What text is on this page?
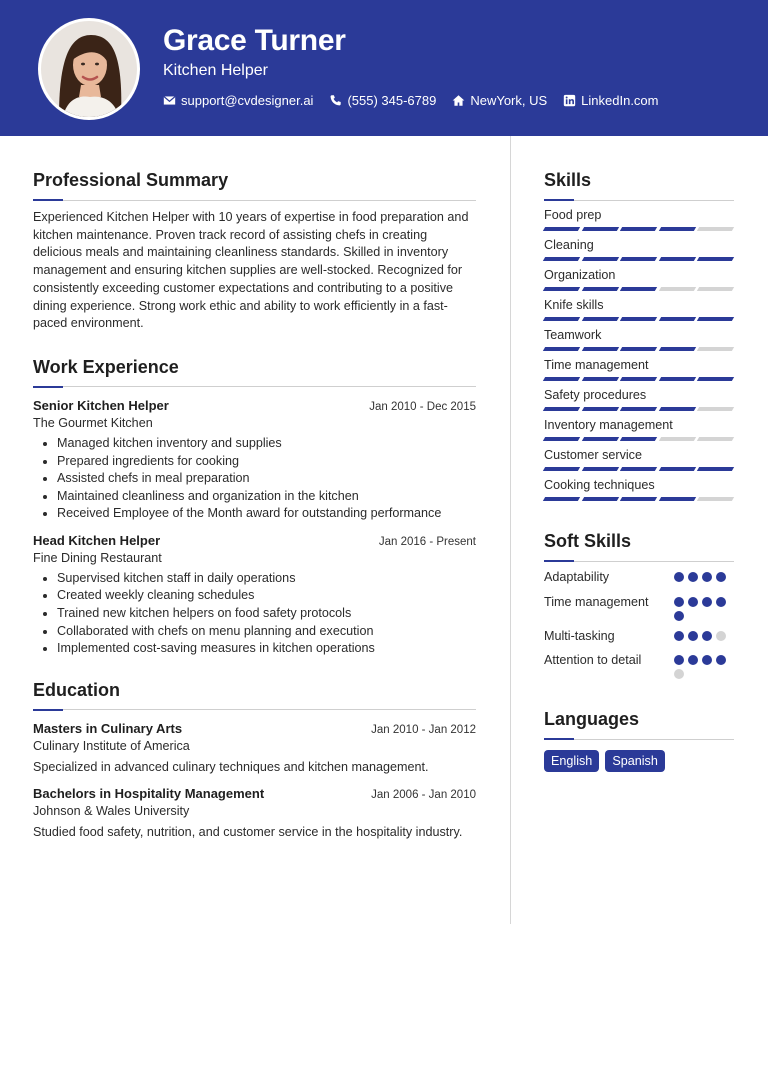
Grace Turner
Kitchen Helper
support@cvdesigner.ai	(555) 345-6789	NewYork, US	LinkedIn.com
Professional Summary

Experienced Kitchen Helper with 10 years of expertise in food preparation and kitchen maintenance. Proven track record of assisting chefs in creating delicious meals and maintaining cleanliness standards. Skilled in inventory management and ensuring kitchen supplies are well-stocked. Recognized for consistently exceeding customer expectations and contributing to a positive dining experience. Strong work ethic and ability to work efficiently in a fast-paced environment.

Work Experience
Senior Kitchen Helper	Jan 2010 - Dec 2015
The Gourmet Kitchen
• Managed kitchen inventory and supplies
• Prepared ingredients for cooking
• Assisted chefs in meal preparation
• Maintained cleanliness and organization in the kitchen
• Received Employee of the Month award for outstanding performance
Head Kitchen Helper	Jan 2016 - Present
Fine Dining Restaurant
• Supervised kitchen staff in daily operations
• Created weekly cleaning schedules
• Trained new kitchen helpers on food safety protocols
• Collaborated with chefs on menu planning and execution
• Implemented cost-saving measures in kitchen operations
Education
Masters in Culinary Arts	Jan 2010 - Jan 2012
Culinary Institute of America

Specialized in advanced culinary techniques and kitchen management.

Bachelors in Hospitality Management	Jan 2006 - Jan 2010
Johnson & Wales University

Studied food safety, nutrition, and customer service in the hospitality industry.

Skills
Food prep
Cleaning
Organization
Knife skills
Teamwork
Time management
Safety procedures
Inventory management
Customer service
Cooking techniques
Soft Skills
Adaptability
Time management
Multi-tasking
Attention to detail
Languages
English	Spanish
